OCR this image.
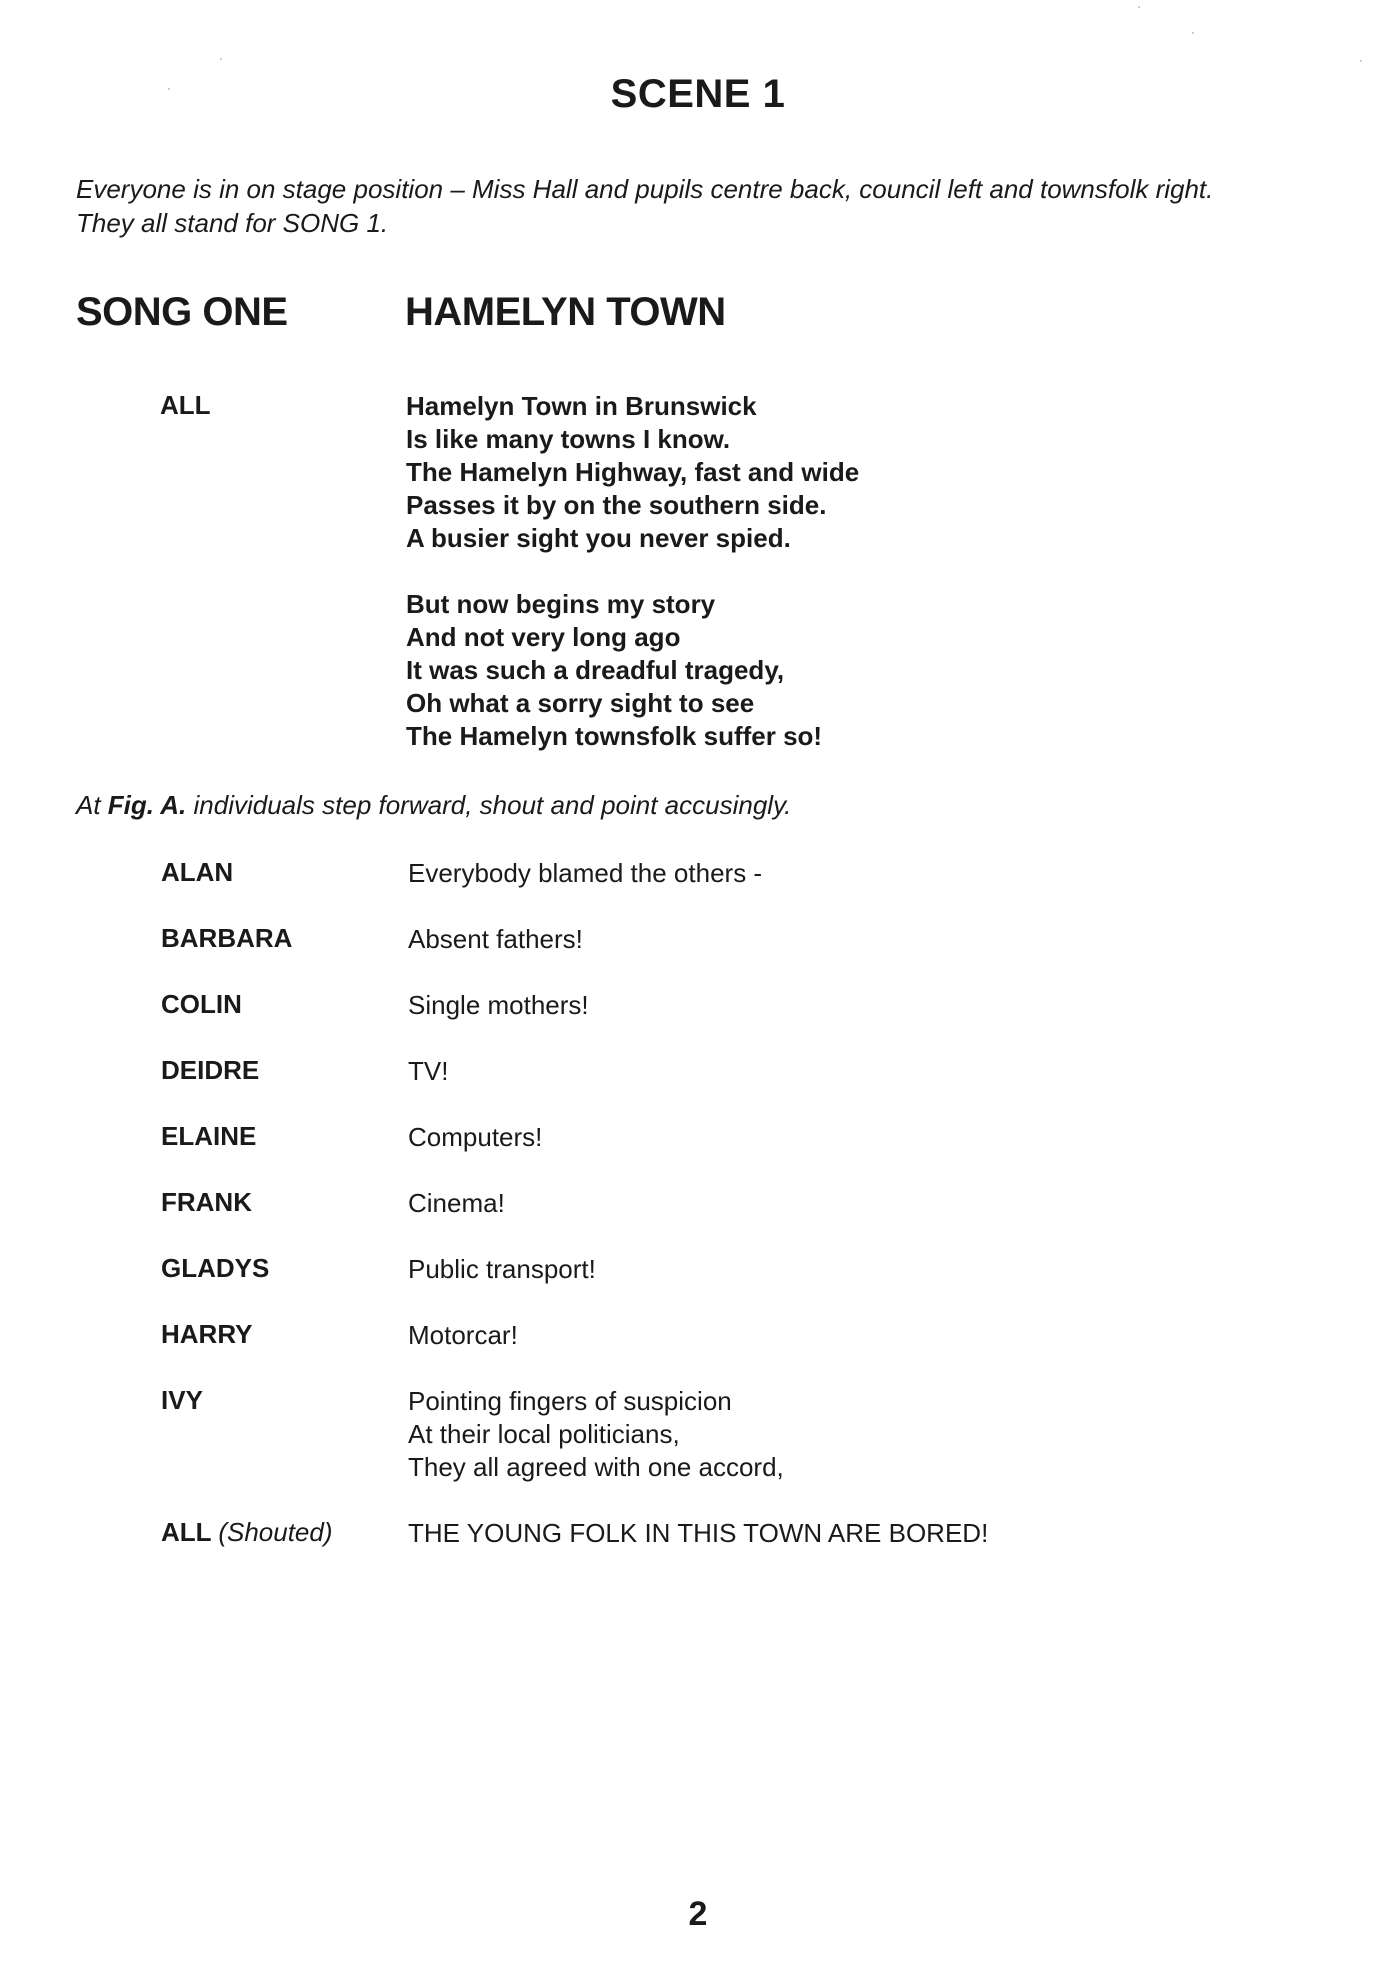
SCENE 1
Everyone is in on stage position – Miss Hall and pupils centre back, council left and townsfolk right.
They all stand for SONG 1.
SONG ONE	HAMELYN TOWN
ALL	Hamelyn Town in Brunswick
Is like many towns I know.
The Hamelyn Highway, fast and wide
Passes it by on the southern side.
A busier sight you never spied.
But now begins my story
And not very long ago
It was such a dreadful tragedy,
Oh what a sorry sight to see
The Hamelyn townsfolk suffer so!
At Fig. A. individuals step forward, shout and point accusingly.
ALAN	Everybody blamed the others -
BARBARA	Absent fathers!
COLIN	Single mothers!
DEIDRE	TV!
ELAINE	Computers!
FRANK	Cinema!
GLADYS	Public transport!
HARRY	Motorcar!
IVY	Pointing fingers of suspicion
At their local politicians,
They all agreed with one accord,
ALL (Shouted)	THE YOUNG FOLK IN THIS TOWN ARE BORED!
2
